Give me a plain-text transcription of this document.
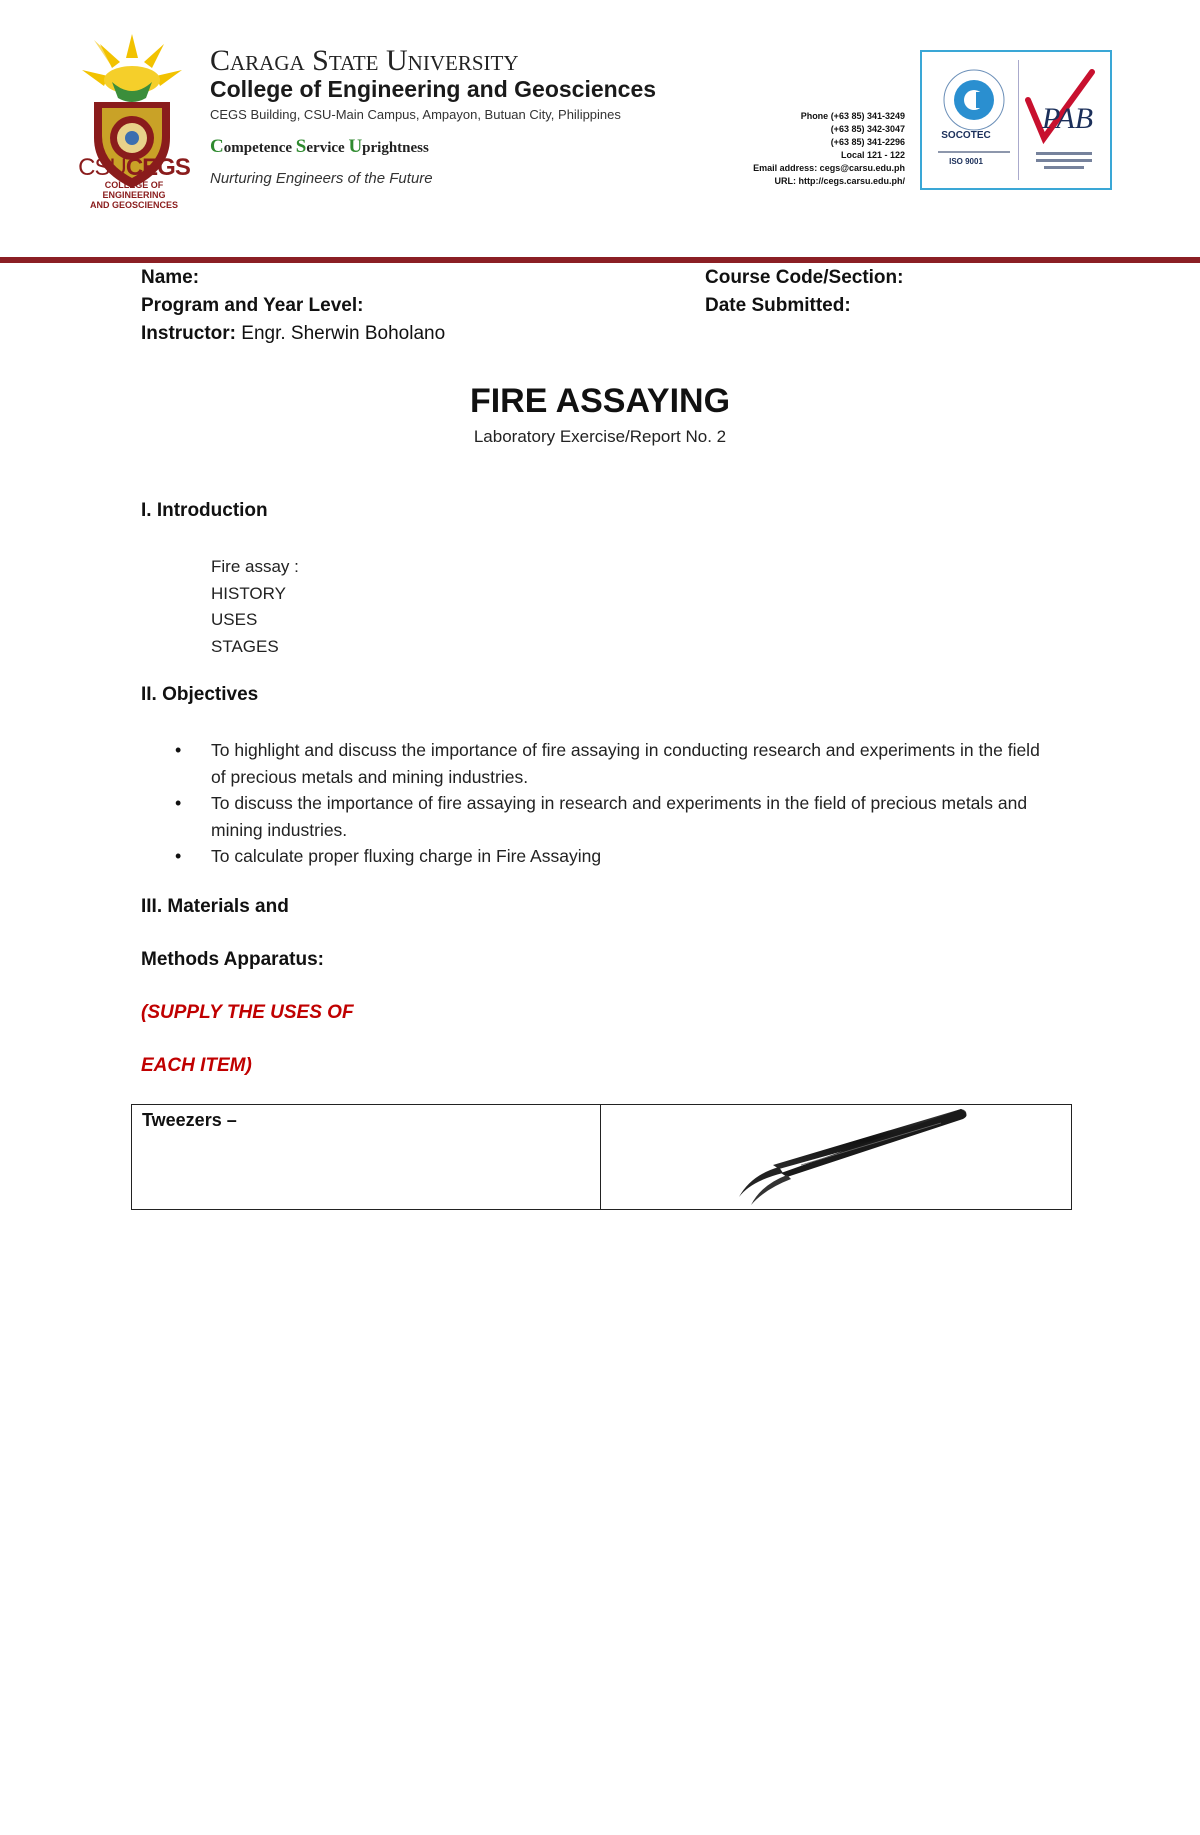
CSUCEGS
COLLEGE OF ENGINEERING
AND GEOSCIENCES
Caraga State University
College of Engineering and Geosciences
CEGS Building, CSU-Main Campus, Ampayon, Butuan City, Philippines
Competence Service Uprightness
Nurturing Engineers of the Future
Phone (+63 85) 341-3249
(+63 85) 342-3047
(+63 85) 341-2296
Local 121 - 122
Email address: cegs@carsu.edu.ph
URL: http://cegs.carsu.edu.ph/
SOCOTEC
ISO 9001
PAB
Name:	Course Code/Section:
Program and Year Level:	Date Submitted:
Instructor: Engr. Sherwin Boholano
FIRE ASSAYING
Laboratory Exercise/Report No. 2
I. Introduction
Fire assay :
HISTORY
USES
STAGES
II. Objectives
• To highlight and discuss the importance of fire assaying in conducting research and experiments in the field of precious metals and mining industries.
• To discuss the importance of fire assaying in research and experiments in the field of precious metals and mining industries.
• To calculate proper fluxing charge in Fire Assaying
III. Materials and
Methods Apparatus:
(SUPPLY THE USES OF
EACH ITEM)
Tweezers –
